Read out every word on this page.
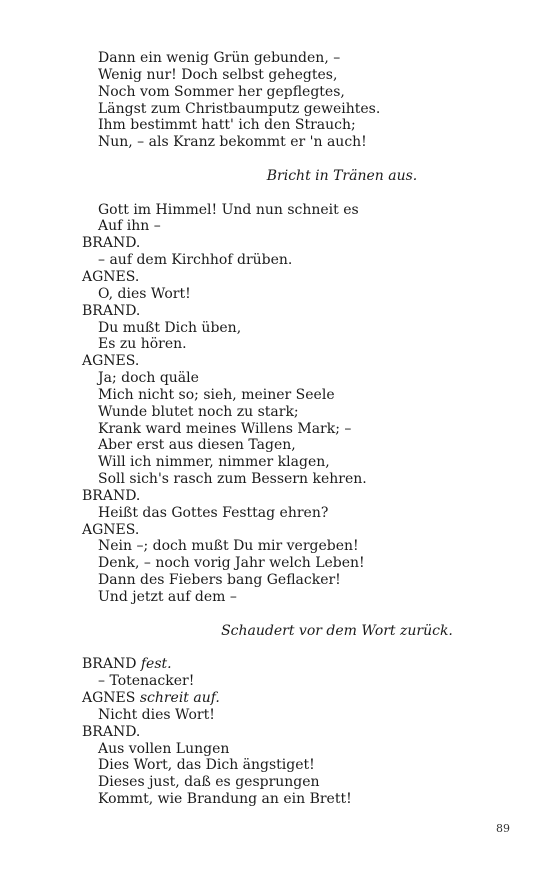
Dann ein wenig Grün gebunden, –
Wenig nur! Doch selbst gehegtes,
Noch vom Sommer her gepflegtes,
Längst zum Christbaumputz geweihtes.
Ihm bestimmt hatt' ich den Strauch;
Nun, – als Kranz bekommt er 'n auch!
Bricht in Tränen aus.
Gott im Himmel! Und nun schneit es
Auf ihn –
BRAND.
– auf dem Kirchhof drüben.
AGNES.
O, dies Wort!
BRAND.
Du mußt Dich üben,
Es zu hören.
AGNES.
Ja; doch quäle
Mich nicht so; sieh, meiner Seele
Wunde blutet noch zu stark;
Krank ward meines Willens Mark; –
Aber erst aus diesen Tagen,
Will ich nimmer, nimmer klagen,
Soll sich's rasch zum Bessern kehren.
BRAND.
Heißt das Gottes Festtag ehren?
AGNES.
Nein –; doch mußt Du mir vergeben!
Denk, – noch vorig Jahr welch Leben!
Dann des Fiebers bang Geflacker!
Und jetzt auf dem –
Schaudert vor dem Wort zurück.
BRAND fest.
– Totenacker!
AGNES schreit auf.
Nicht dies Wort!
BRAND.
Aus vollen Lungen
Dies Wort, das Dich ängstiget!
Dieses just, daß es gesprungen
Kommt, wie Brandung an ein Brett!
89
